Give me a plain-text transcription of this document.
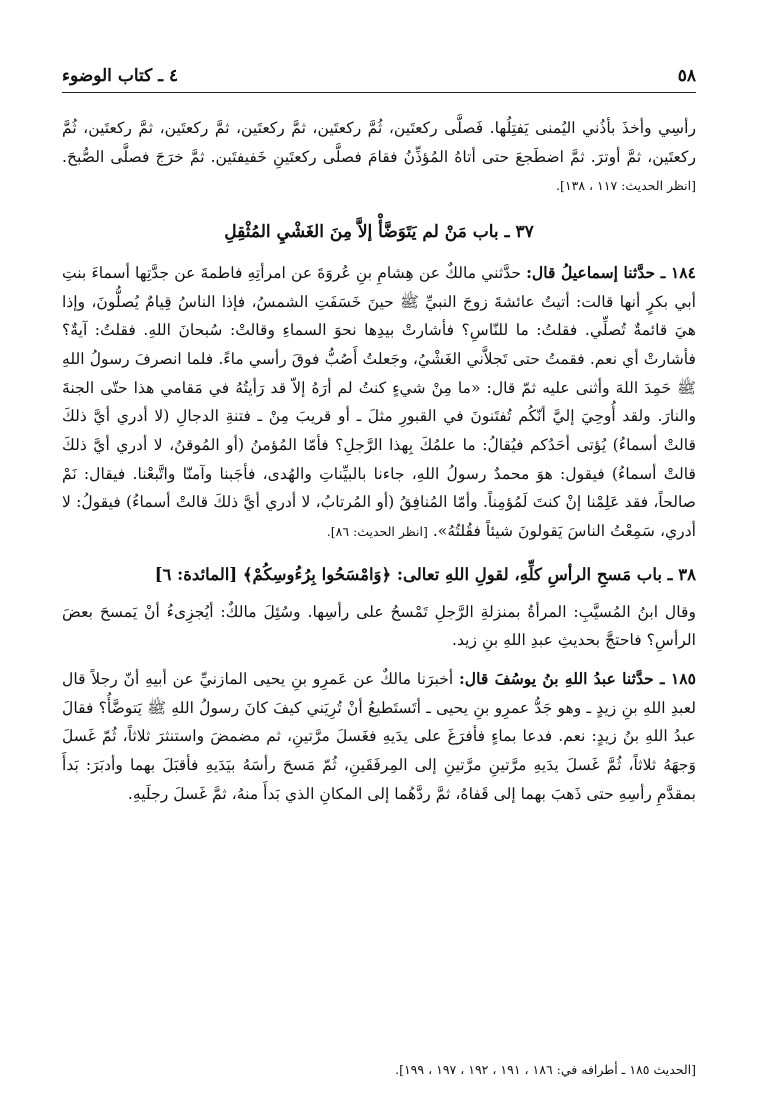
٥٨
٤ ـ كتاب الوضوء

رأسِي وأخذَ بأذُني اليُمنى يَفتِلُها. فَصلَّى ركعتَين، ثُمَّ ركعتَين، ثمَّ ركعتَين، ثمَّ ركعتَين، ثمَّ ركعتَين، ثُمَّ ركعتَين، ثمَّ أوترَ. ثمَّ اضطَجعَ حتى أتاهُ المُؤذِّنُ فقامَ فصلَّى ركعتَينِ خَفيفتَين. ثمَّ خرَجَ فصلَّى الصُّبحَ. [انظر الحديث: ١١٧ ، ١٣٨].

٣٧ ـ باب مَنْ لم يَتَوَضَّأْ إلاَّ مِنَ الغَشْيِ المُثْقِلِ

١٨٤ ـ حدَّثنا إسماعيلُ قال: حدَّثني مالكٌ عن هِشامِ بنِ عُروَةَ عن امرأتِهِ فاطمةَ عن جدَّتِها أسماءَ بنتِ أبي بكرٍ أنها قالت: أتيتُ عائشةَ زوجَ النبيِّ ﷺ حينَ خَسَفَتِ الشمسُ، فإذا الناسُ قِيامٌ يُصلُّونَ، وإذا هيَ قائمةٌ تُصلِّي. فقلتُ: ما للنّاسِ؟ فأشارتْ بيدِها نحوَ السماءِ وقالتْ: سُبحانَ اللهِ. فقلتُ: آيةٌ؟ فأشارتْ أي نعم. فقمتُ حتى تَجلاَّني الغَشْيُ، وجَعلتُ أَصُبُّ فوقَ رأسي ماءً. فلما انصرفَ رسولُ اللهِ ﷺ حَمِدَ اللهَ وأثنى عليه ثمّ قال: «ما مِنْ شيءٍ كنتُ لم أرَهُ إلاّ قد رَأيتُهُ في مَقامي هذا حتّى الجنةَ والنارَ. ولقد أُوحِيَ إليَّ أنّكُم تُفتَنونَ في القبورِ مثلَ ـ أو قريبَ مِنْ ـ فتنةِ الدجالِ (لا أدري أيَّ ذلكَ قالتْ أسماءُ) يُؤتى أحَدُكم فيُقالُ: ما علمُكَ بِهذا الرَّجلِ؟ فأمّا المُؤمنُ (أو المُوقنُ، لا أدري أيَّ ذلكَ قالتْ أسماءُ) فيقول: هوَ محمدٌ رسولُ اللهِ، جاءنا بالبيِّناتِ والهُدى، فأجَبنا وآمنّا واتَّبعْنا. فيقال: نَمْ صالحاً، فقد عَلِمْنا إنْ كنتَ لَمُؤمِناً. وأمّا المُنافِقُ (أو المُرتابُ، لا أدري أيَّ ذلكَ قالتْ أسماءُ) فيقولُ: لا أدري، سَمِعْتُ الناسَ يَقولونَ شيئاً فقُلتُهُ». [انظر الحديث: ٨٦].

٣٨ ـ باب مَسحِ الرأسِ كلِّهِ، لقولِ اللهِ تعالى: ﴿وَامْسَحُوا بِرُءُوسِكُمْ﴾ [المائدة: ٦]

وقال ابنُ المُسيَّبِ: المرأةُ بمنزلةِ الرَّجلِ تَمْسحُ على رأسِها. وسُئِلَ مالكٌ: أيُجزِىءُ أنْ يَمسحَ بعضَ الرأسِ؟ فاحتجَّ بحديثِ عبدِ اللهِ بنِ زيد.

١٨٥ ـ حدَّثنا عبدُ اللهِ بنُ يوسُفَ قال: أخبرَنا مالكٌ عن عَمرِو بنِ يحيى المازنيِّ عن أبيهِ أنّ رجلاً قال لعبدِ اللهِ بنِ زيدٍ ـ وهو جَدُّ عمرِو بنِ يحيى ـ أتَستَطيعُ أنْ تُرِيَني كيفَ كانَ رسولُ اللهِ ﷺ يَتوضَّأُ؟ فقالَ عبدُ اللهِ بنُ زيدٍ: نعم. فدعا بماءٍ فأفرَغَ على يدَيهِ فغَسلَ مرَّتينِ، ثم مضمضَ واستنثرَ ثلاثاً، ثُمّ غَسلَ وَجهَهُ ثلاثاً، ثُمَّ غَسلَ يدَيهِ مرَّتينِ مرَّتينِ إلى المِرفَقَينِ، ثُمّ مَسحَ رأسَهُ بيَدَيهِ فأقبَلَ بهما وأدبَرَ: بَدأَ بمقدَّمِ رأسِهِ حتى ذَهبَ بهما إلى قَفاهُ، ثمَّ ردَّهُما إلى المكانِ الذي بَدأَ منهُ، ثمَّ غَسلَ رجلَيهِ.

[الحديث ١٨٥ ـ أطرافه في: ١٨٦ ، ١٩١ ، ١٩٢ ، ١٩٧ ، ١٩٩].
